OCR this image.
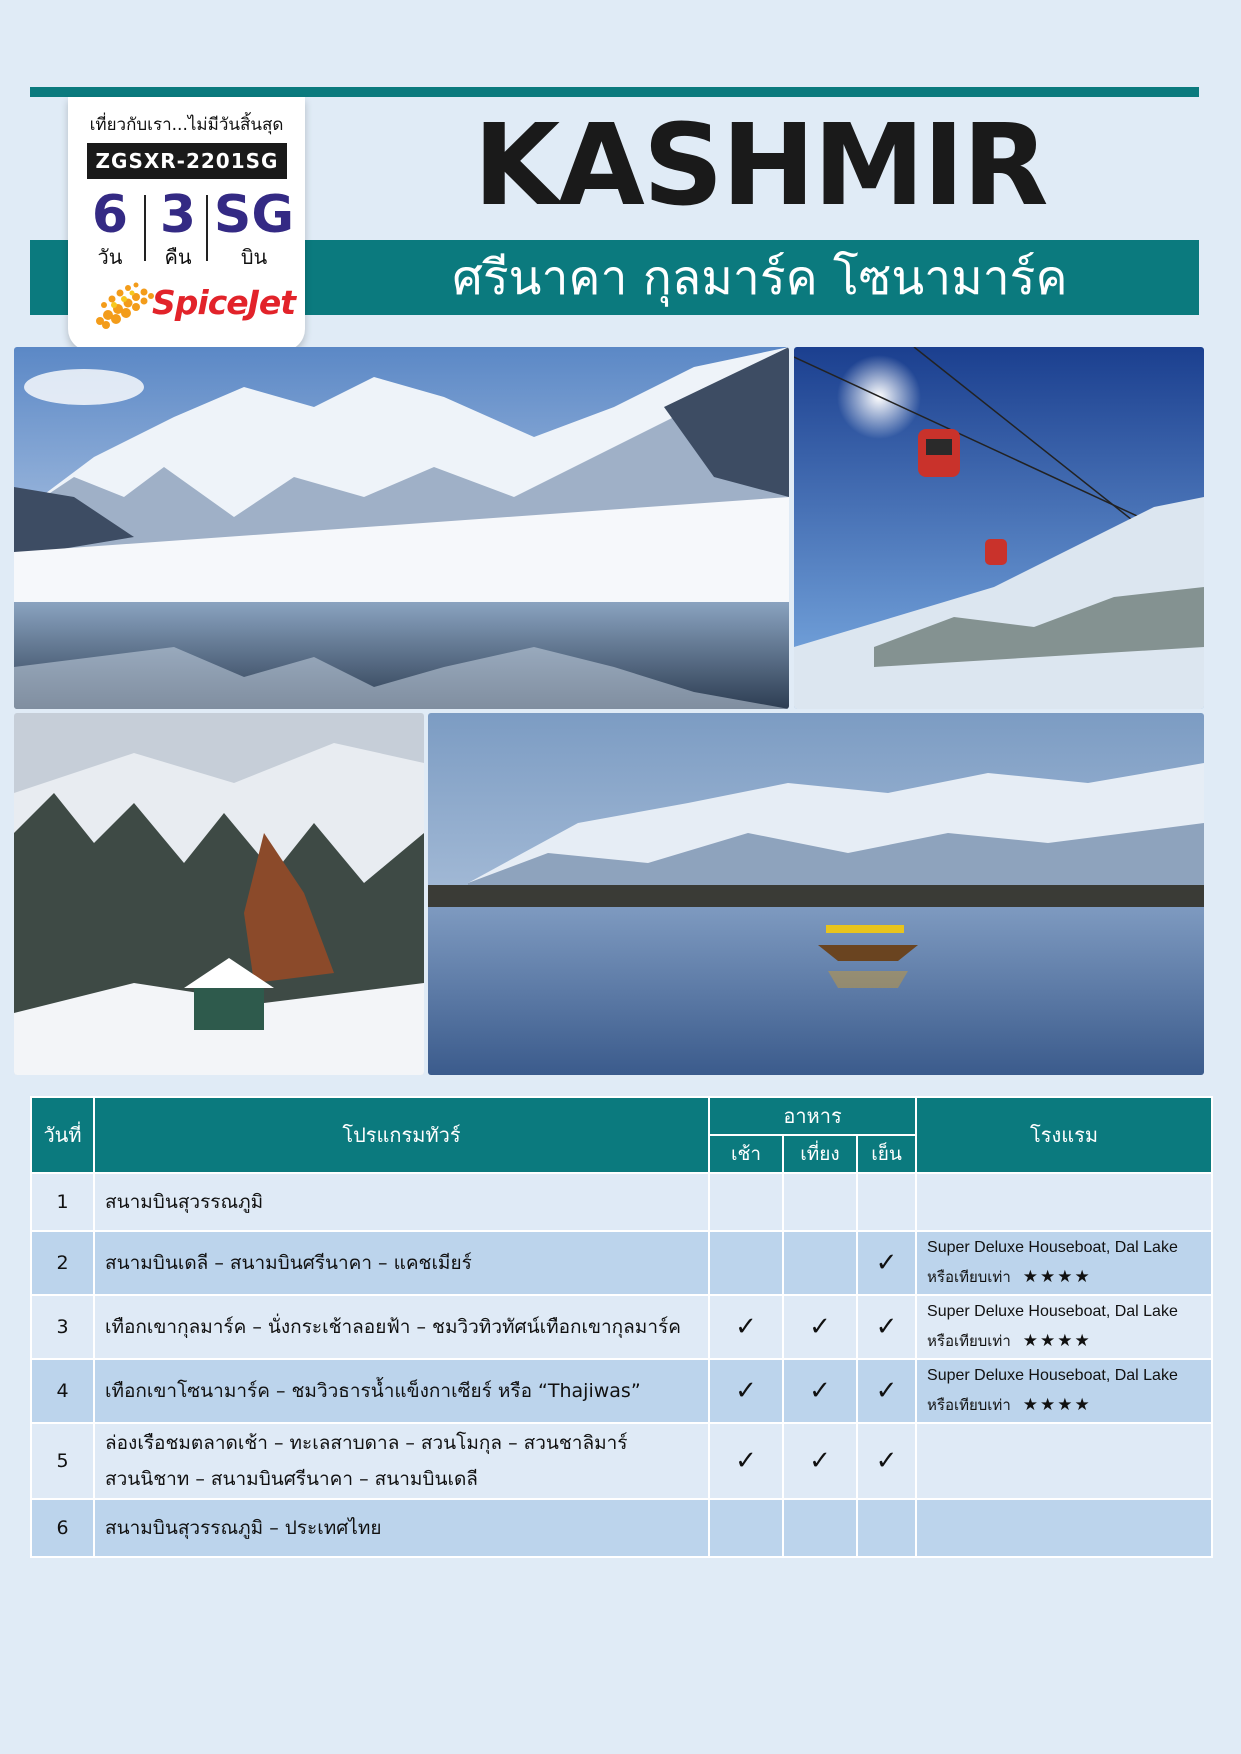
KASHMIR
ศรีนาคา กุลมาร์ค โซนามาร์ค
เที่ยวกับเรา...ไม่มีวันสิ้นสุด
ZGSXR-2201SG
6
วัน
3
คืน
SG
บิน
SpiceJet
วันที่	โปรแกรมทัวร์	อาหาร			โรงแรม
		เช้า	เที่ยง	เย็น	
1	สนามบินสุวรรณภูมิ				
2	สนามบินเดลี – สนามบินศรีนาคา – แคชเมียร์			✓	Super Deluxe Houseboat, Dal Lake
หรือเทียบเท่า ★★★★

3	เทือกเขากุลมาร์ค – นั่งกระเช้าลอยฟ้า – ชมวิวทิวทัศน์เทือกเขากุลมาร์ค	✓	✓	✓	Super Deluxe Houseboat, Dal Lake
หรือเทียบเท่า ★★★★

4	เทือกเขาโซนามาร์ค – ชมวิวธารน้ำแข็งกาเซียร์ หรือ “Thajiwas”	✓	✓	✓	Super Deluxe Houseboat, Dal Lake
หรือเทียบเท่า ★★★★

5	ล่องเรือชมตลาดเช้า – ทะเลสาบดาล – สวนโมกุล – สวนชาลิมาร์
สวนนิชาท – สนามบินศรีนาคา – สนามบินเดลี	✓	✓	✓	
6	สนามบินสุวรรณภูมิ – ประเทศไทย				
